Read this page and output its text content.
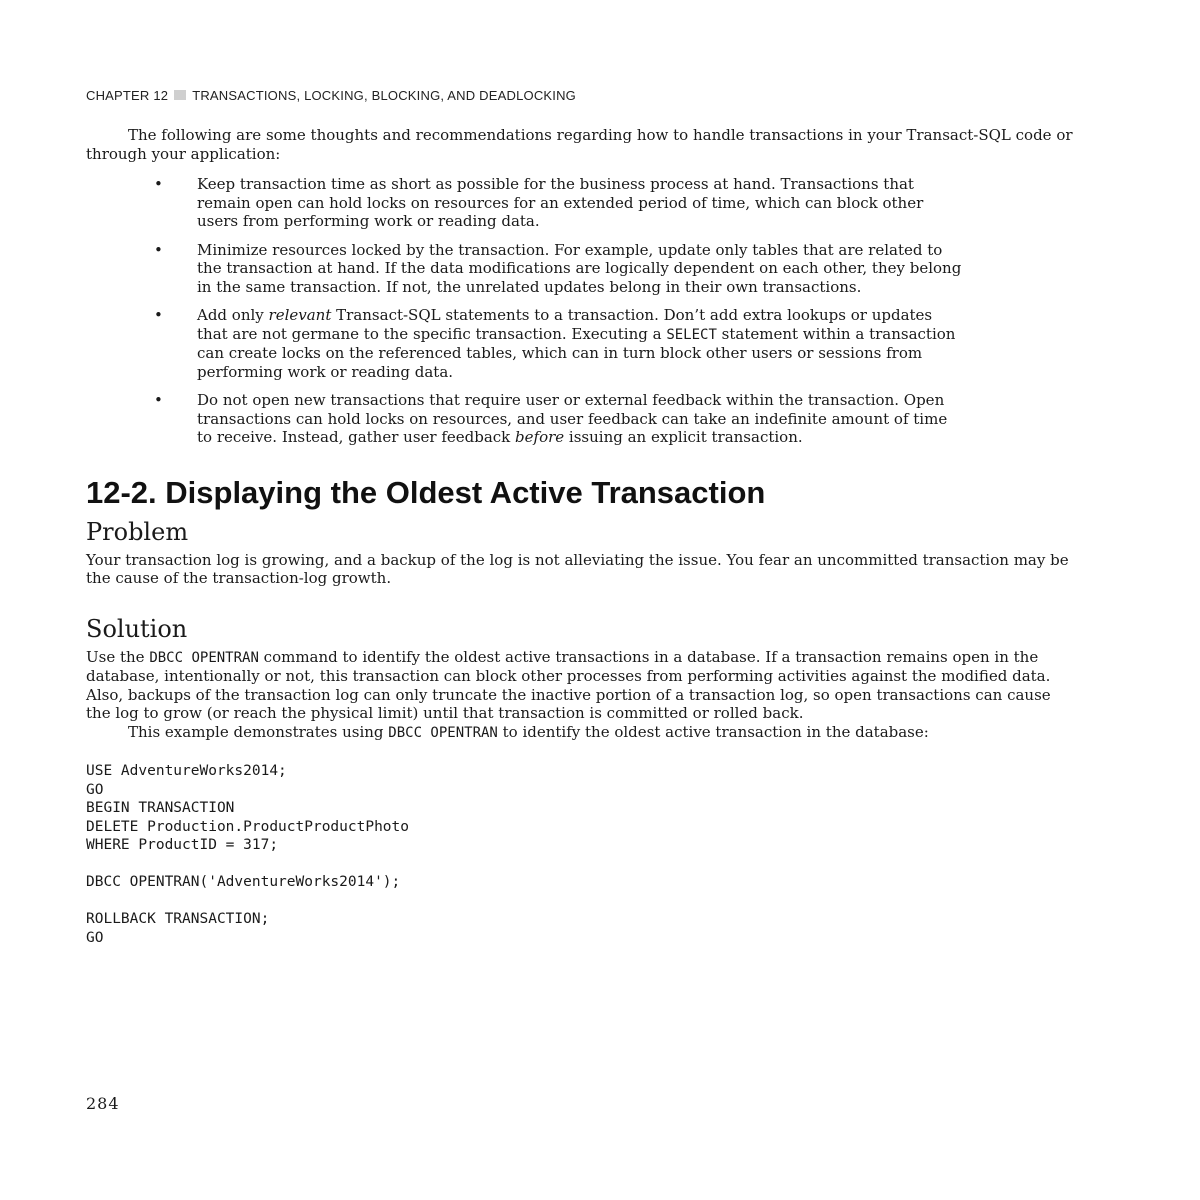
CHAPTER 12 TRANSACTIONS, LOCKING, BLOCKING, AND DEADLOCKING

The following are some thoughts and recommendations regarding how to handle transactions in your Transact-SQL code or through your application:

• Keep transaction time as short as possible for the business process at hand. Transactions that remain open can hold locks on resources for an extended period of time, which can block other users from performing work or reading data.
• Minimize resources locked by the transaction. For example, update only tables that are related to the transaction at hand. If the data modifications are logically dependent on each other, they belong in the same transaction. If not, the unrelated updates belong in their own transactions.
• Add only relevant Transact-SQL statements to a transaction. Don’t add extra lookups or updates that are not germane to the specific transaction. Executing a SELECT statement within a transaction can create locks on the referenced tables, which can in turn block other users or sessions from performing work or reading data.
• Do not open new transactions that require user or external feedback within the transaction. Open transactions can hold locks on resources, and user feedback can take an indefinite amount of time to receive. Instead, gather user feedback before issuing an explicit transaction.
12-2. Displaying the Oldest Active Transaction
Problem

Your transaction log is growing, and a backup of the log is not alleviating the issue. You fear an uncommitted transaction may be the cause of the transaction-log growth.

Solution

Use the DBCC OPENTRAN command to identify the oldest active transactions in a database. If a transaction remains open in the database, intentionally or not, this transaction can block other processes from performing activities against the modified data. Also, backups of the transaction log can only truncate the inactive portion of a transaction log, so open transactions can cause the log to grow (or reach the physical limit) until that transaction is committed or rolled back.

This example demonstrates using DBCC OPENTRAN to identify the oldest active transaction in the database:

USE AdventureWorks2014;
GO
BEGIN TRANSACTION
DELETE Production.ProductProductPhoto
WHERE ProductID = 317;

DBCC OPENTRAN('AdventureWorks2014');

ROLLBACK TRANSACTION;
GO
284
